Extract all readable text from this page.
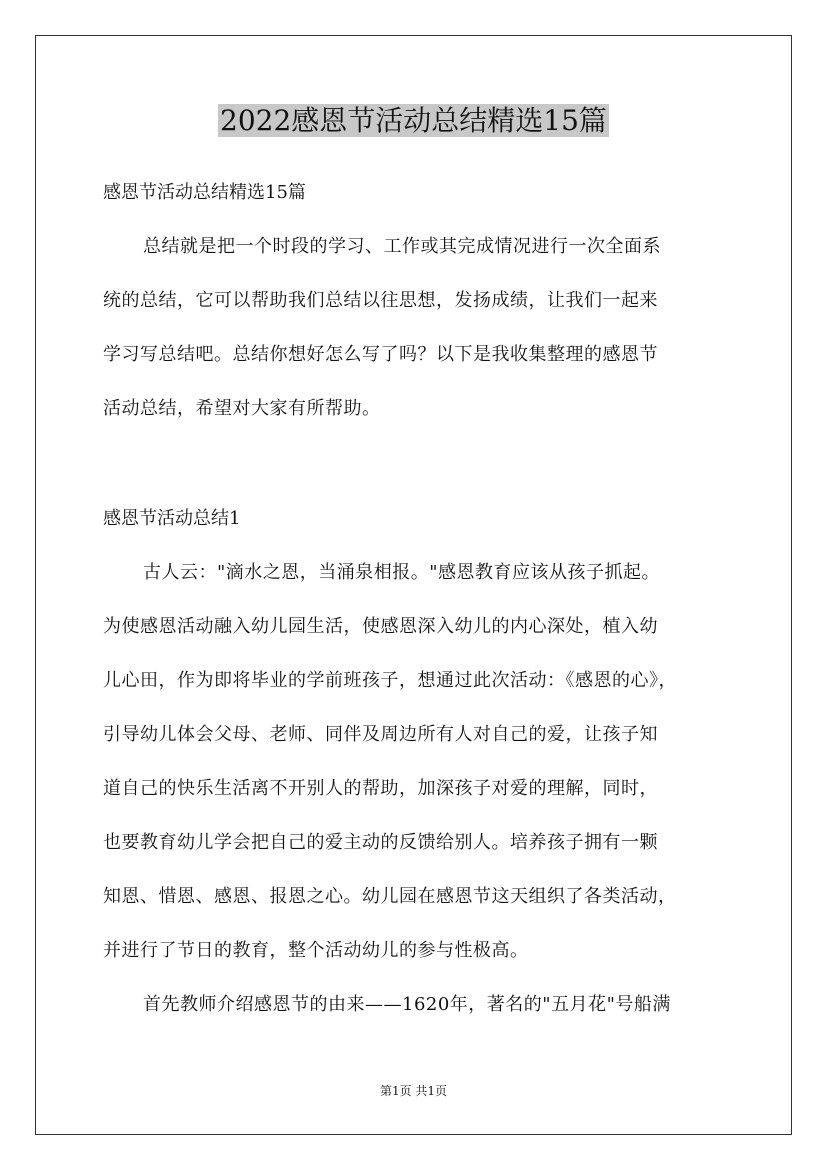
2022感恩节活动总结精选15篇
感恩节活动总结精选15篇
总结就是把一个时段的学习、工作或其完成情况进行一次全面系
统的总结，它可以帮助我们总结以往思想，发扬成绩，让我们一起来
学习写总结吧。总结你想好怎么写了吗？以下是我收集整理的感恩节
活动总结，希望对大家有所帮助。
感恩节活动总结1
古人云："滴水之恩，当涌泉相报。"感恩教育应该从孩子抓起。
为使感恩活动融入幼儿园生活，使感恩深入幼儿的内心深处，植入幼
儿心田，作为即将毕业的学前班孩子，想通过此次活动：《感恩的心》，
引导幼儿体会父母、老师、同伴及周边所有人对自己的爱，让孩子知
道自己的快乐生活离不开别人的帮助，加深孩子对爱的理解，同时，
也要教育幼儿学会把自己的爱主动的反馈给别人。培养孩子拥有一颗
知恩、惜恩、感恩、报恩之心。幼儿园在感恩节这天组织了各类活动，
并进行了节日的教育，整个活动幼儿的参与性极高。
首先教师介绍感恩节的由来——1620年，著名的"五月花"号船满
第1页 共1页
